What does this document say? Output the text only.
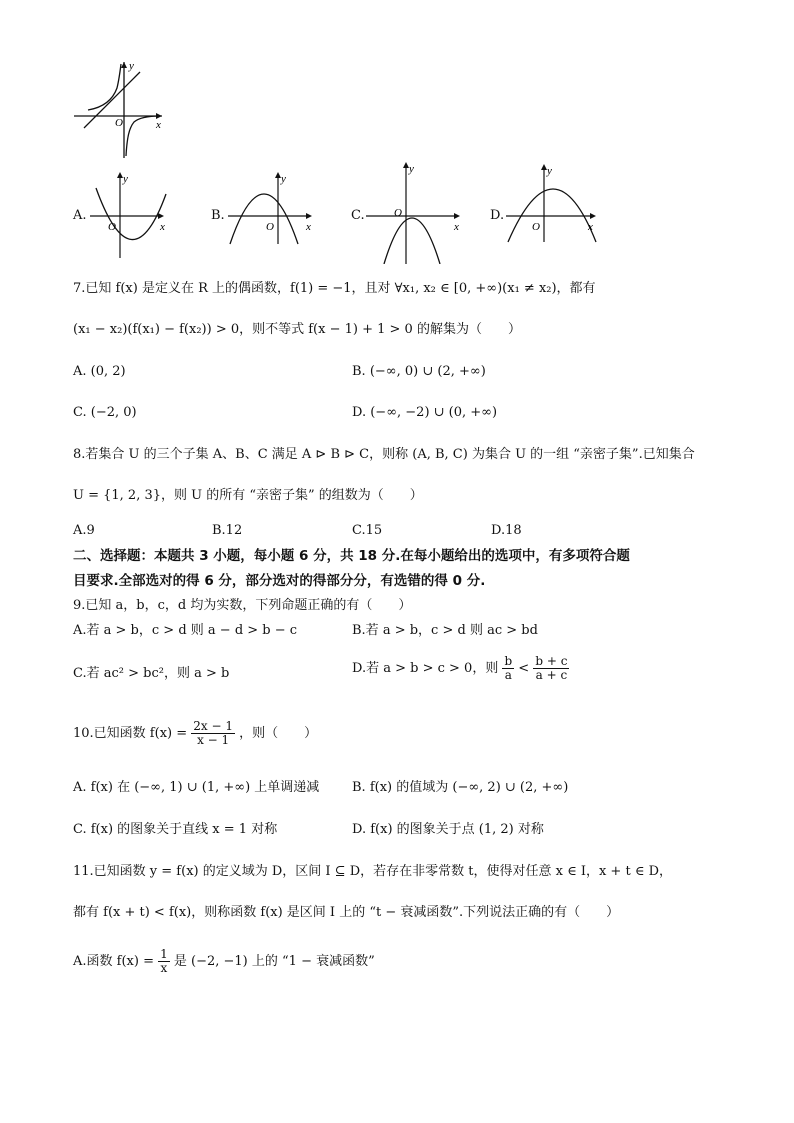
y
O	x
A.
y
O	x
B.
y
O	x
C.
y
O
x
D.
y
O	x
7.已知 f(x) 是定义在 R 上的偶函数，f(1) = −1，且对 ∀x₁, x₂ ∈ [0, +∞)(x₁ ≠ x₂)，都有
(x₁ − x₂)(f(x₁) − f(x₂)) > 0，则不等式 f(x − 1) + 1 > 0 的解集为（　　）
A. (0, 2)	B. (−∞, 0) ∪ (2, +∞)
C. (−2, 0)	D. (−∞, −2) ∪ (0, +∞)
8.若集合 U 的三个子集 A、B、C 满足 A ⊳ B ⊳ C，则称 (A, B, C) 为集合 U 的一组 “亲密子集”.已知集合
U = {1, 2, 3}，则 U 的所有 “亲密子集” 的组数为（　　）
A.9	B.12	C.15	D.18
二、选择题：本题共 3 小题，每小题 6 分，共 18 分.在每小题给出的选项中，有多项符合题
目要求.全部选对的得 6 分，部分选对的得部分分，有选错的得 0 分.
9.已知 a，b，c，d 均为实数，下列命题正确的有（　　）
A.若 a > b，c > d 则 a − d > b − c	B.若 a > b，c > d 则 ac > bd
C.若 ac² > bc²，则 a > b	D.若 a > b > c > 0，则 $\frac{b}{a} < \frac{b + c}{a + c}$
10.已知函数 $f(x) = \frac{2x - 1}{x - 1}$ ，则（　　）
A. f(x) 在 (−∞, 1) ∪ (1, +∞) 上单调递减	B. f(x) 的值域为 (−∞, 2) ∪ (2, +∞)
C. f(x) 的图象关于直线 x = 1 对称	D. f(x) 的图象关于点 (1, 2) 对称
11.已知函数 y = f(x) 的定义域为 D，区间 I ⊆ D，若存在非零常数 t，使得对任意 x ∈ I，x + t ∈ D，
都有 f(x + t) < f(x)，则称函数 f(x) 是区间 I 上的 “t − 衰减函数”.下列说法正确的有（　　）
A.函数 $f(x) = \frac{1}{x}$ 是 (−2, −1) 上的 “1 − 衰减函数”
